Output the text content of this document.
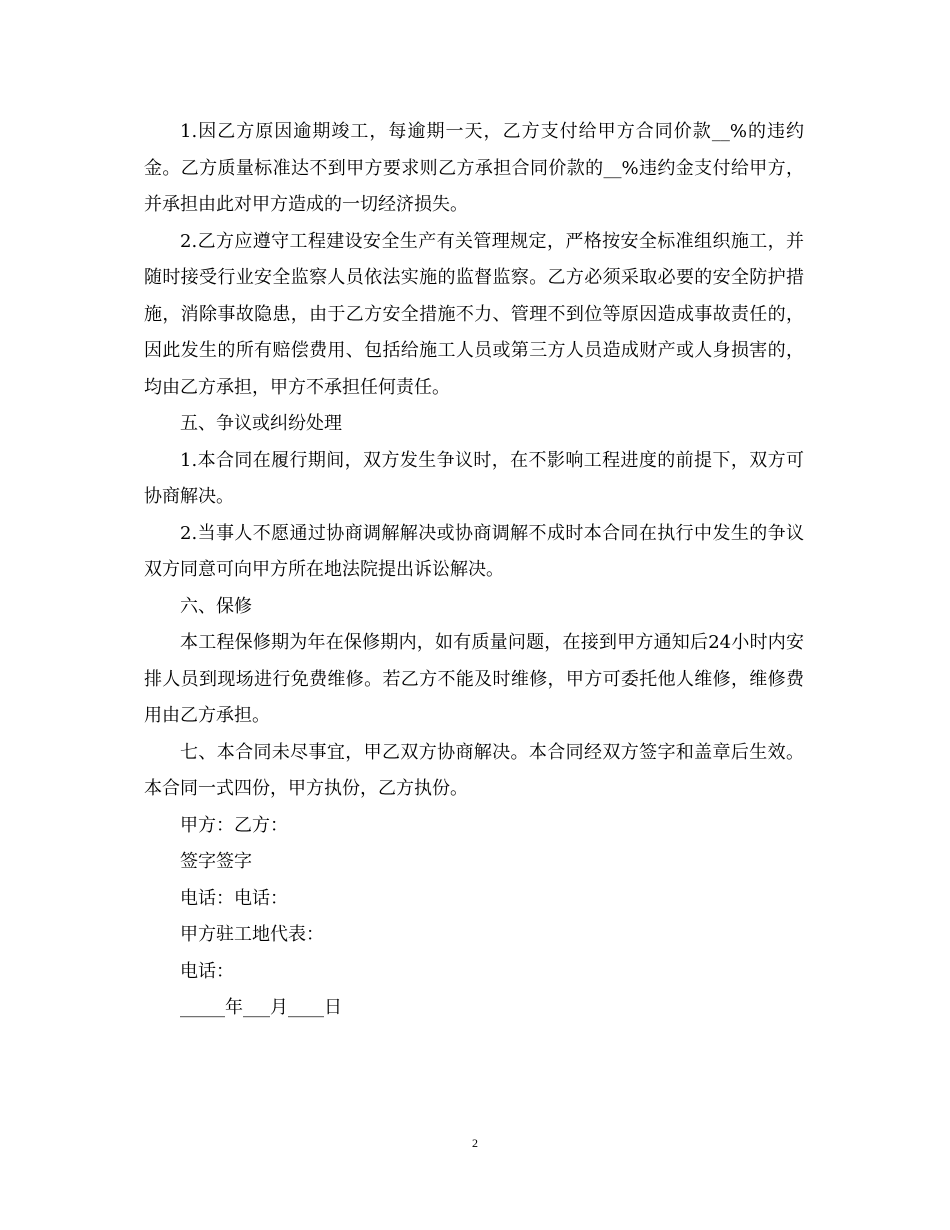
1.因乙方原因逾期竣工，每逾期一天，乙方支付给甲方合同价款__%的违约金。乙方质量标准达不到甲方要求则乙方承担合同价款的__%违约金支付给甲方，并承担由此对甲方造成的一切经济损失。

2.乙方应遵守工程建设安全生产有关管理规定，严格按安全标准组织施工，并随时接受行业安全监察人员依法实施的监督监察。乙方必须采取必要的安全防护措施，消除事故隐患，由于乙方安全措施不力、管理不到位等原因造成事故责任的，因此发生的所有赔偿费用、包括给施工人员或第三方人员造成财产或人身损害的，均由乙方承担，甲方不承担任何责任。

五、争议或纠纷处理

1.本合同在履行期间，双方发生争议时，在不影响工程进度的前提下，双方可协商解决。

2.当事人不愿通过协商调解解决或协商调解不成时本合同在执行中发生的争议双方同意可向甲方所在地法院提出诉讼解决。

六、保修

本工程保修期为年在保修期内，如有质量问题，在接到甲方通知后24小时内安排人员到现场进行免费维修。若乙方不能及时维修，甲方可委托他人维修，维修费用由乙方承担。

七、本合同未尽事宜，甲乙双方协商解决。本合同经双方签字和盖章后生效。本合同一式四份，甲方执份，乙方执份。

甲方：乙方：

签字签字

电话：电话：

甲方驻工地代表：

电话：

_____年___月____日

2
